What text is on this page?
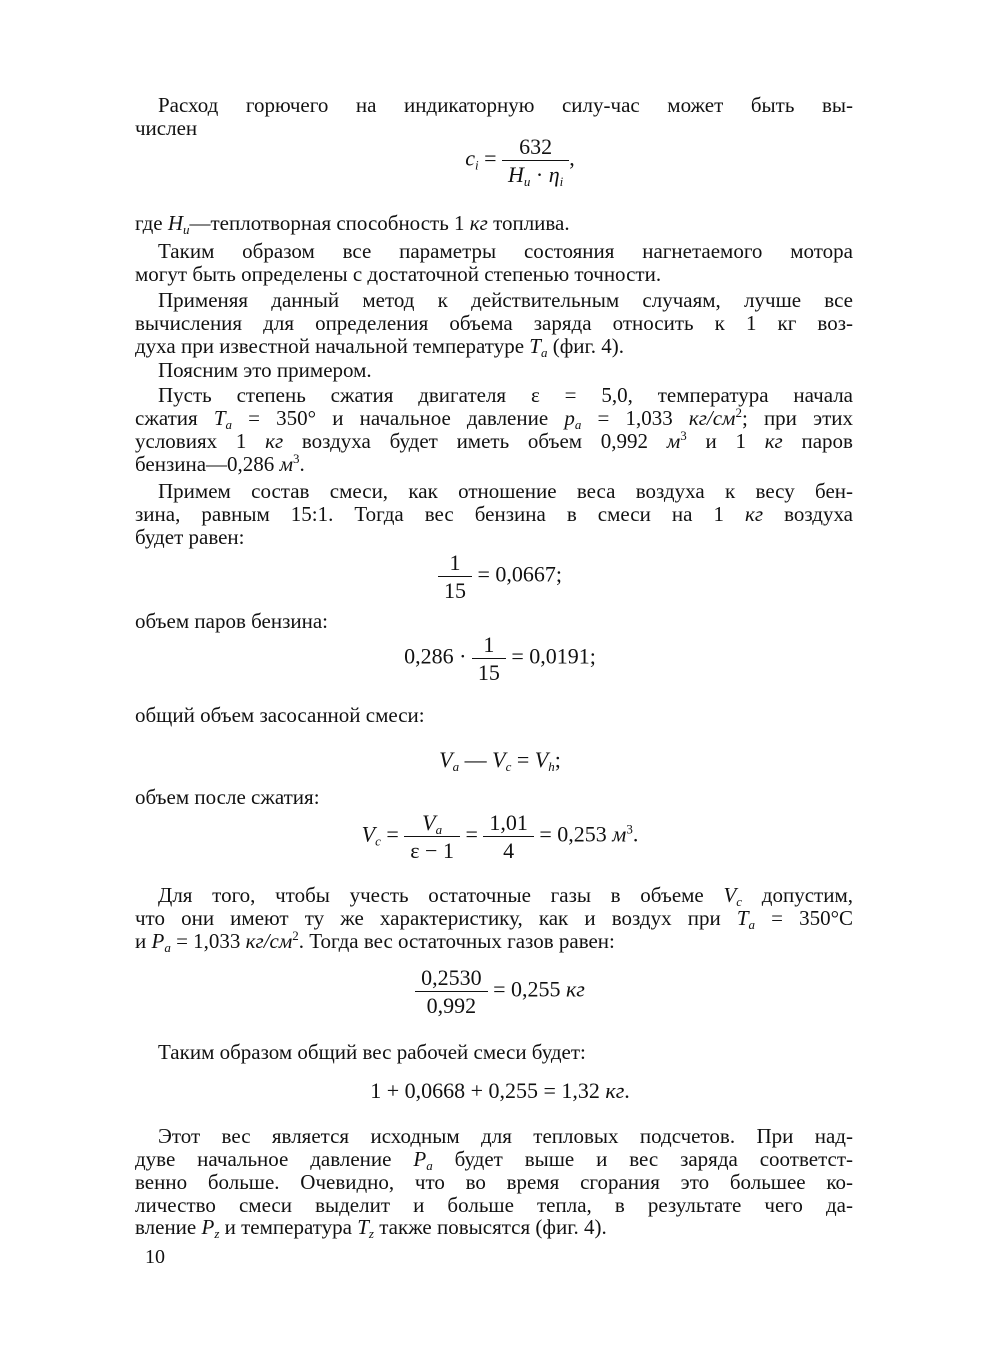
Расход горючего на индикаторную силу-час может быть вы-
числен
$c_i = \frac{632}{H_u \cdot \eta_i}$ ,
где $H_u—теплотворная$ способность 1 кг топлива.
Таким образом все параметры состояния нагнетаемого мотора
могут быть определены с достаточной степенью точности.
Применяя данный метод к действительным случаям, лучше все
вычисления для определения объема заряда относить к 1 кг воз-
духа при известной начальной температуре $T_a$ (фиг. 4).
Поясним это примером.
Пусть степень сжатия двигателя ε = 5,0, температура начала
сжатия $T_a = 350^\circ$ и начальное давление $p_a = 1,033$ $кг/см^2$; при этих
условиях 1 кг воздуха будет иметь объем 0,992 $м^3$ и 1 кг паров
бензина—0,286 $м^3$.
Примем состав смеси, как отношение веса воздуха к весу бен-
зина, равным 15:1. Тогда вес бензина в смеси на 1 кг воздуха
будет равен:
$\frac{1}{15} = 0,0667$;
объем паров бензина:
$0,286 \cdot \frac{1}{15} = 0,0191$;
общий объем засосанной смеси:
$V_a$ — $V_c = V_h$;
объем после сжатия:
$V_c = \frac{V_a}{\varepsilon - 1} = \frac{1,01}{4} = 0,253$ $м^3$.
Для того, чтобы учесть остаточные газы в объеме $V_c$ допустим,
что они имеют ту же характеристику, как и воздух при $T_a = 350^\circ С$
и $P_a = 1,033$ $кг/см^2$. Тогда вес остаточных газов равен:
$\frac{0,2530}{0,992} = 0,255$ кг
Таким образом общий вес рабочей смеси будет:
1 + 0,0668 + 0,255 = 1,32 кг.
Этот вес является исходным для тепловых подсчетов. При над-
дуве начальное давление $P_a$ будет выше и вес заряда соответст-
венно больше. Очевидно, что во время сгорания это большее ко-
личество смеси выделит и больше тепла, в результате чего да-
вление $P_z$ и температура $T_z$ также повысятся (фиг. 4).
10
